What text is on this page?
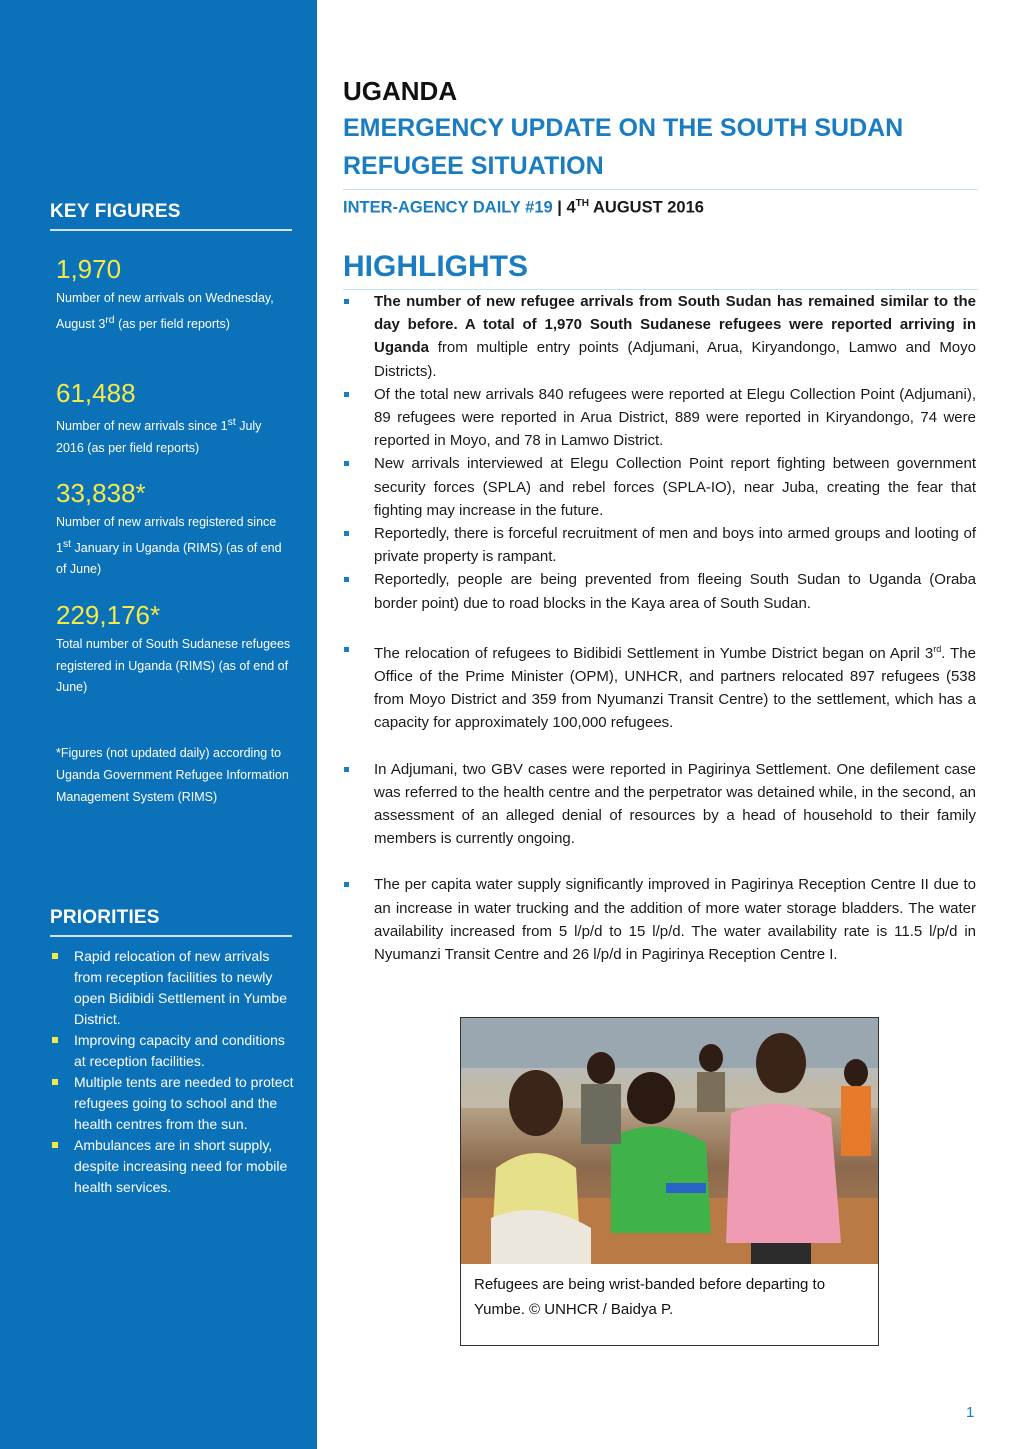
KEY FIGURES
1,970
Number of new arrivals on Wednesday, August 3rd (as per field reports)
61,488
Number of new arrivals since 1st July 2016 (as per field reports)
33,838*
Number of new arrivals registered since 1st January in Uganda (RIMS) (as of end of June)
229,176*
Total number of South Sudanese refugees registered in Uganda (RIMS) (as of end of June)
*Figures (not updated daily) according to Uganda Government Refugee Information Management System (RIMS)
PRIORITIES
Rapid relocation of new arrivals from reception facilities to newly open Bidibidi Settlement in Yumbe District.
Improving capacity and conditions at reception facilities.
Multiple tents are needed to protect refugees going to school and the health centres from the sun.
Ambulances are in short supply, despite increasing need for mobile health services.
UGANDA
EMERGENCY UPDATE ON THE SOUTH SUDAN
REFUGEE SITUATION
INTER-AGENCY DAILY #19 | 4TH AUGUST 2016
HIGHLIGHTS
The number of new refugee arrivals from South Sudan has remained similar to the day before. A total of 1,970 South Sudanese refugees were reported arriving in Uganda from multiple entry points (Adjumani, Arua, Kiryandongo, Lamwo and Moyo Districts).
Of the total new arrivals 840 refugees were reported at Elegu Collection Point (Adjumani), 89 refugees were reported in Arua District, 889 were reported in Kiryandongo, 74 were reported in Moyo, and 78 in Lamwo District.
New arrivals interviewed at Elegu Collection Point report fighting between government security forces (SPLA) and rebel forces (SPLA-IO), near Juba, creating the fear that fighting may increase in the future.
Reportedly, there is forceful recruitment of men and boys into armed groups and looting of private property is rampant.
Reportedly, people are being prevented from fleeing South Sudan to Uganda (Oraba border point) due to road blocks in the Kaya area of South Sudan.
The relocation of refugees to Bidibidi Settlement in Yumbe District began on April 3rd. The Office of the Prime Minister (OPM), UNHCR, and partners relocated 897 refugees (538 from Moyo District and 359 from Nyumanzi Transit Centre) to the settlement, which has a capacity for approximately 100,000 refugees.
In Adjumani, two GBV cases were reported in Pagirinya Settlement. One defilement case was referred to the health centre and the perpetrator was detained while, in the second, an assessment of an alleged denial of resources by a head of household to their family members is currently ongoing.
The per capita water supply significantly improved in Pagirinya Reception Centre II due to an increase in water trucking and the addition of more water storage bladders. The water availability increased from 5 l/p/d to 15 l/p/d. The water availability rate is 11.5 l/p/d in Nyumanzi Transit Centre and 26 l/p/d in Pagirinya Reception Centre I.
Refugees are being wrist-banded before departing to Yumbe. © UNHCR / Baidya P.
1
